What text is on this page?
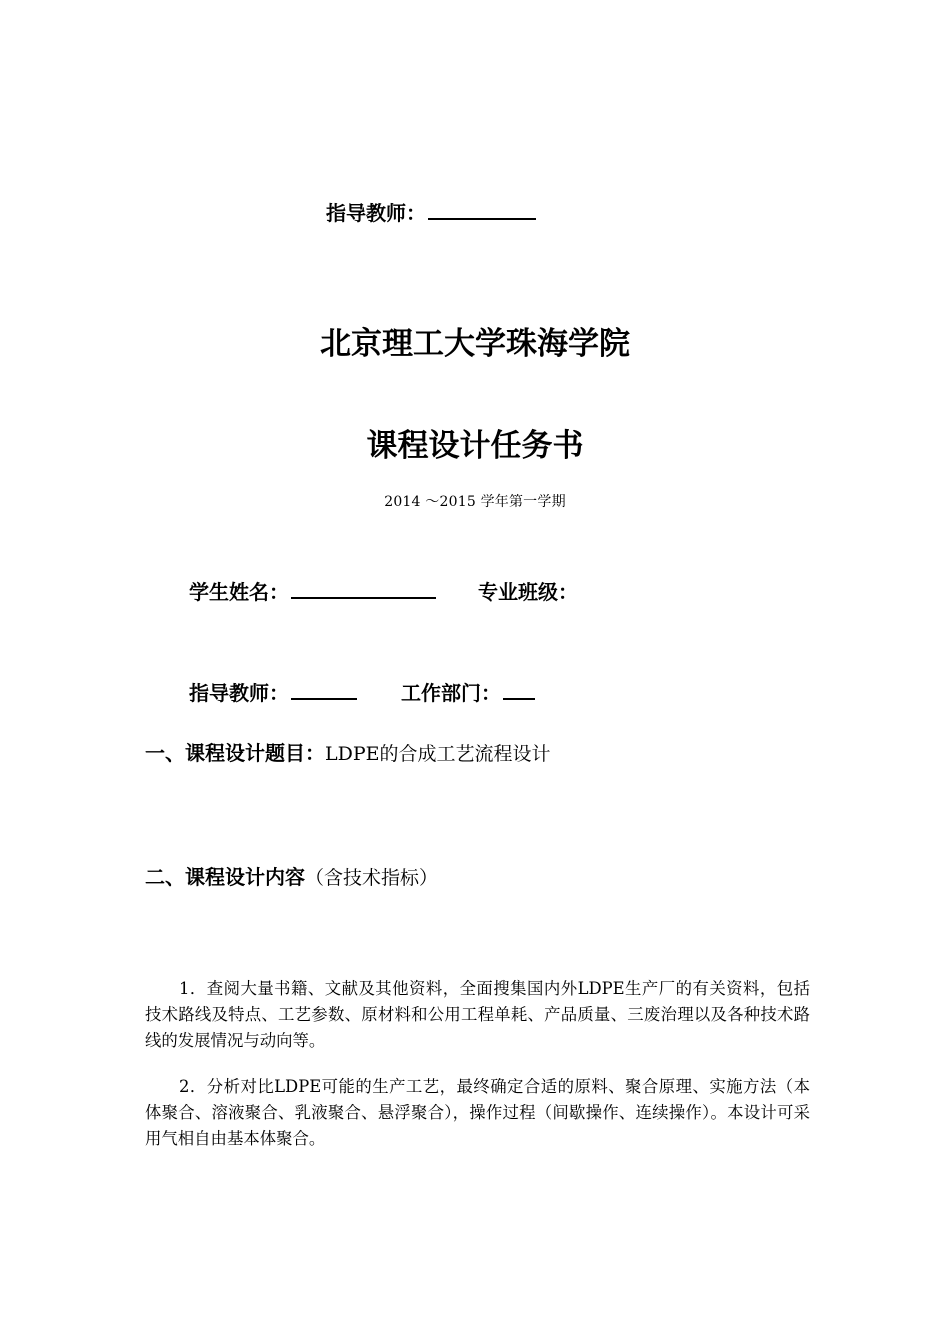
指导教师：
北京理工大学珠海学院
课程设计任务书
2014 ～2015 学年第一学期
学生姓名：	专业班级：
指导教师：	工作部门：
一、课程设计题目：LDPE的合成工艺流程设计
二、课程设计内容（含技术指标）

1．查阅大量书籍、文献及其他资料，全面搜集国内外LDPE生产厂的有关资料，包括技术路线及特点、工艺参数、原材料和公用工程单耗、产品质量、三废治理以及各种技术路线的发展情况与动向等。

2．分析对比LDPE可能的生产工艺，最终确定合适的原料、聚合原理、实施方法（本体聚合、溶液聚合、乳液聚合、悬浮聚合），操作过程（间歇操作、连续操作）。本设计可采用气相自由基本体聚合。
